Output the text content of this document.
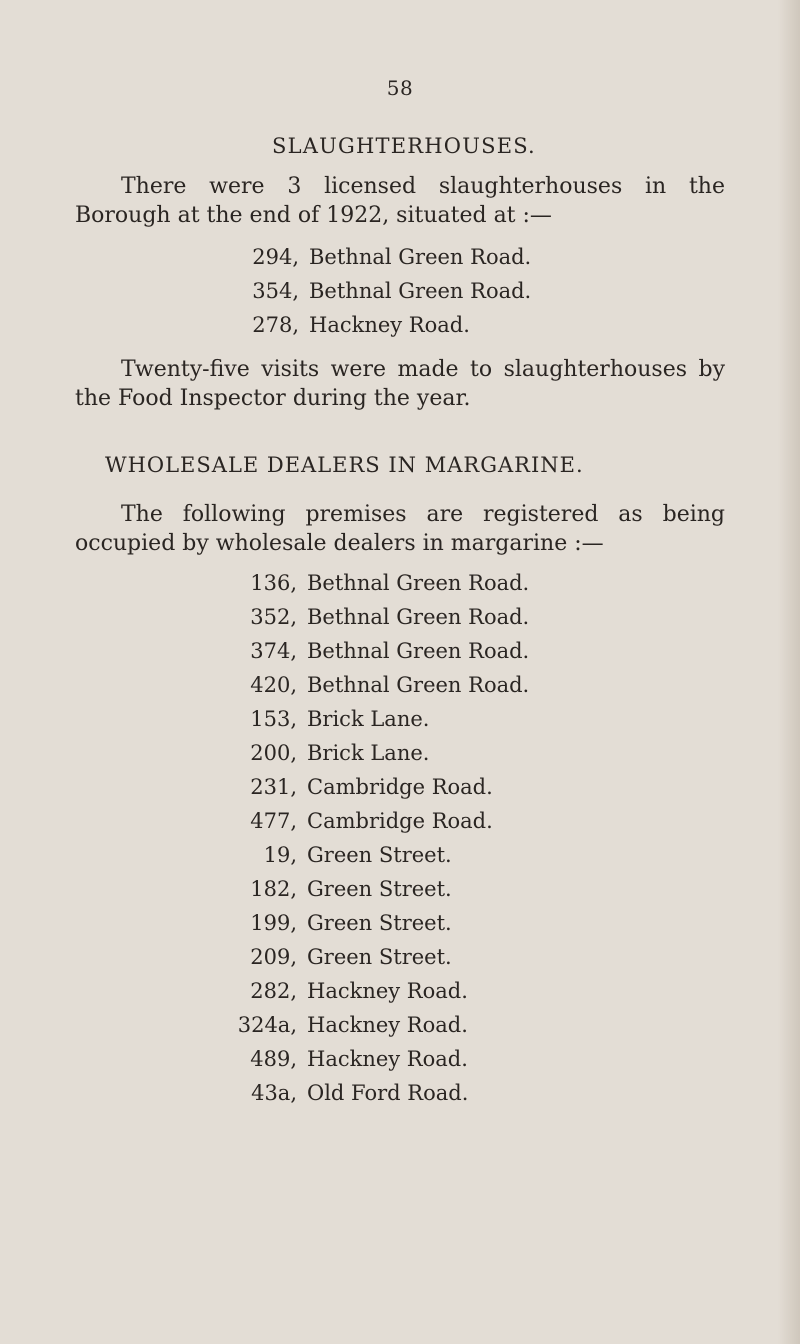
58
SLAUGHTERHOUSES.

There were 3 licensed slaughterhouses in the Borough at the end of 1922, situated at :—

294, Bethnal Green Road.
354, Bethnal Green Road.
278, Hackney Road.

Twenty-five visits were made to slaughterhouses by the Food Inspector during the year.

WHOLESALE DEALERS IN MARGARINE.

The following premises are registered as being occupied by wholesale dealers in margarine :—

136, Bethnal Green Road.
352, Bethnal Green Road.
374, Bethnal Green Road.
420, Bethnal Green Road.
153, Brick Lane.
200, Brick Lane.
231, Cambridge Road.
477, Cambridge Road.
19, Green Street.
182, Green Street.
199, Green Street.
209, Green Street.
282, Hackney Road.
324a, Hackney Road.
489, Hackney Road.
43a, Old Ford Road.
